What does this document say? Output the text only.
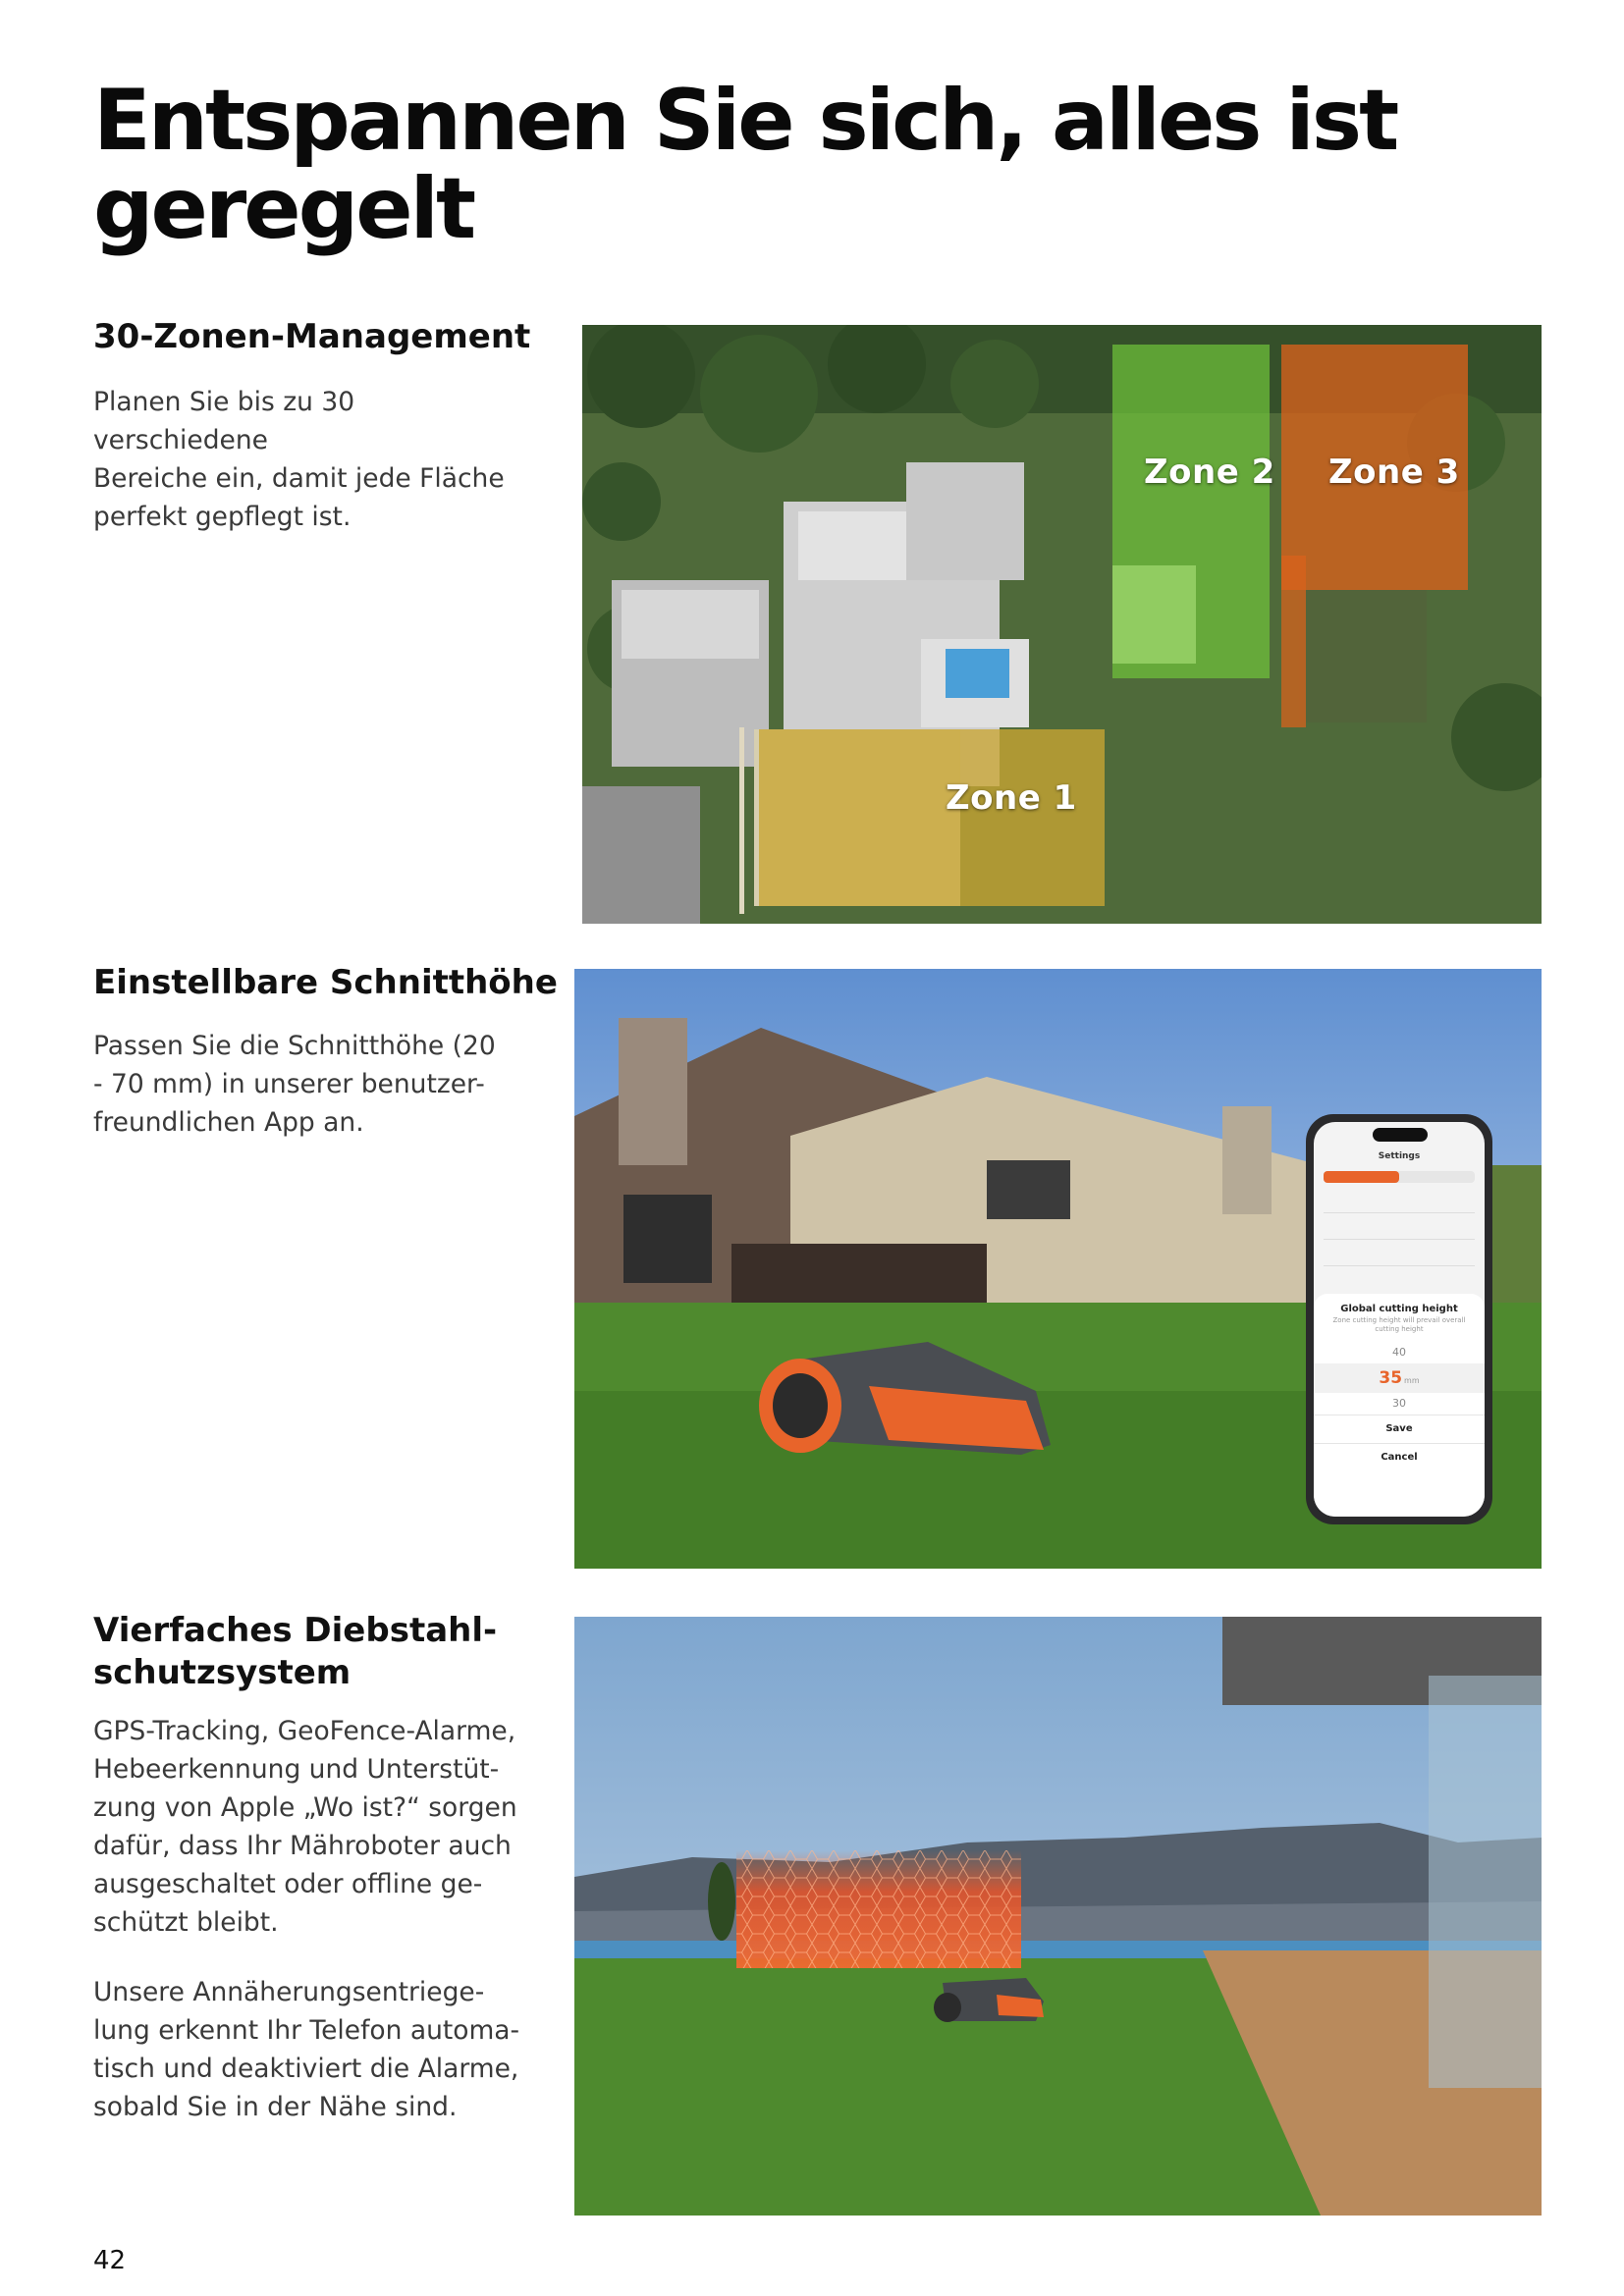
Entspannen Sie sich, alles ist geregelt
30-Zonen-Management

Planen Sie bis zu 30 verschiedene
Bereiche ein, damit jede Fläche
perfekt gepflegt ist.

Zone 2 Zone 3
Zone 1
Einstellbare Schnitthöhe

Passen Sie die Schnitthöhe (20
- 70 mm) in unserer benutzer-
freundlichen App an.

Settings
Global cutting height
Zone cutting height will prevail overall cutting height
40
35 mm
30
Save
Cancel
Vierfaches Diebstahl-
schutzsystem

GPS-Tracking, GeoFence-Alarme,
Hebeerkennung und Unterstüt-
zung von Apple „Wo ist?“ sorgen
dafür, dass Ihr Mähroboter auch
ausgeschaltet oder offline ge-
schützt bleibt.

Unsere Annäherungsentriege-
lung erkennt Ihr Telefon automa-
tisch und deaktiviert die Alarme,
sobald Sie in der Nähe sind.

42
